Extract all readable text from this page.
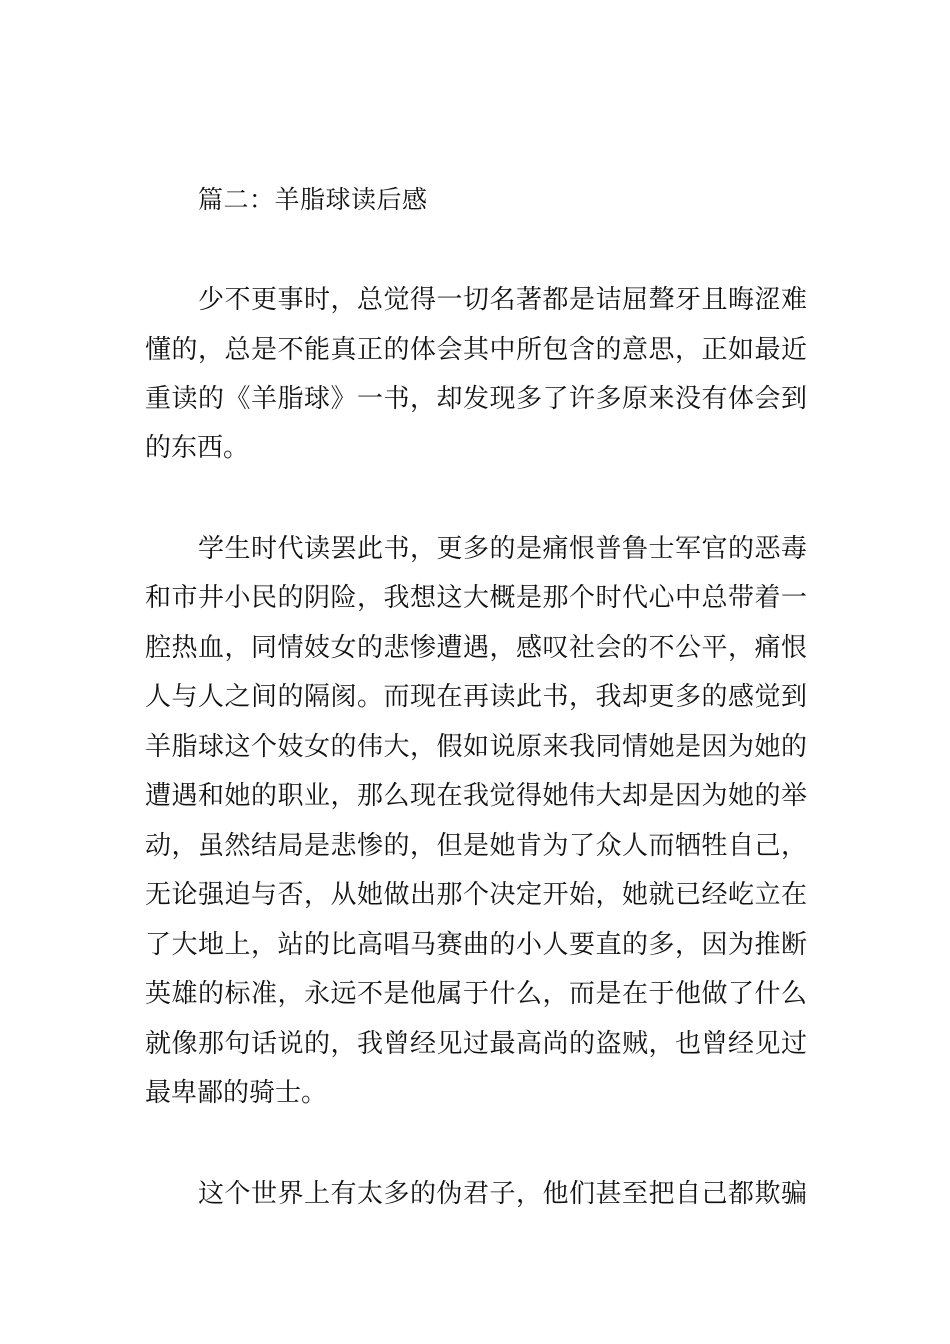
篇二：羊脂球读后感
少不更事时，总觉得一切名著都是诘屈聱牙且晦涩难
懂的，总是不能真正的体会其中所包含的意思，正如最近
重读的《羊脂球》一书，却发现多了许多原来没有体会到
的东西。
学生时代读罢此书，更多的是痛恨普鲁士军官的恶毒
和市井小民的阴险，我想这大概是那个时代心中总带着一
腔热血，同情妓女的悲惨遭遇，感叹社会的不公平，痛恨
人与人之间的隔阂。而现在再读此书，我却更多的感觉到
羊脂球这个妓女的伟大，假如说原来我同情她是因为她的
遭遇和她的职业，那么现在我觉得她伟大却是因为她的举
动，虽然结局是悲惨的，但是她肯为了众人而牺牲自己，
无论强迫与否，从她做出那个决定开始，她就已经屹立在
了大地上，站的比高唱马赛曲的小人要直的多，因为推断
英雄的标准，永远不是他属于什么，而是在于他做了什么
就像那句话说的，我曾经见过最高尚的盗贼，也曾经见过
最卑鄙的骑士。
这个世界上有太多的伪君子，他们甚至把自己都欺骗
